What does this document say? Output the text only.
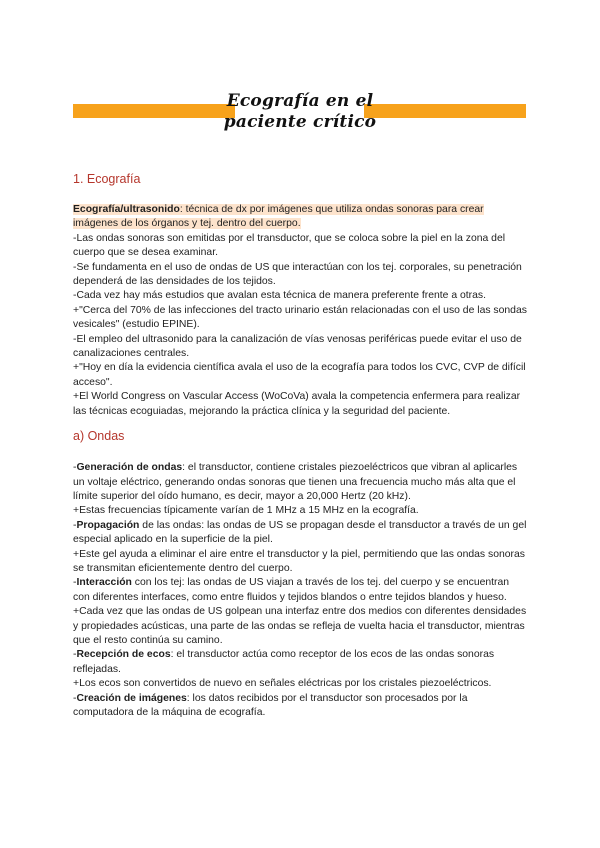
Ecografía en el
paciente crítico
1. Ecografía

Ecografía/ultrasonido: técnica de dx por imágenes que utiliza ondas sonoras para crear imágenes de los órganos y tej. dentro del cuerpo.

-Las ondas sonoras son emitidas por el transductor, que se coloca sobre la piel en la zona del cuerpo que se desea examinar.

-Se fundamenta en el uso de ondas de US que interactúan con los tej. corporales, su penetración dependerá de las densidades de los tejidos.

-Cada vez hay más estudios que avalan esta técnica de manera preferente frente a otras.

+"Cerca del 70% de las infecciones del tracto urinario están relacionadas con el uso de las sondas vesicales" (estudio EPINE).

-El empleo del ultrasonido para la canalización de vías venosas periféricas puede evitar el uso de canalizaciones centrales.

+"Hoy en día la evidencia científica avala el uso de la ecografía para todos los CVC, CVP de difícil acceso".

+El World Congress on Vascular Access (WoCoVa) avala la competencia enfermera para realizar las técnicas ecoguiadas, mejorando la práctica clínica y la seguridad del paciente.

a) Ondas

-Generación de ondas: el transductor, contiene cristales piezoeléctricos que vibran al aplicarles un voltaje eléctrico, generando ondas sonoras que tienen una frecuencia mucho más alta que el límite superior del oído humano, es decir, mayor a 20,000 Hertz (20 kHz).

+Estas frecuencias típicamente varían de 1 MHz a 15 MHz en la ecografía.

-Propagación de las ondas: las ondas de US se propagan desde el transductor a través de un gel especial aplicado en la superficie de la piel.

+Este gel ayuda a eliminar el aire entre el transductor y la piel, permitiendo que las ondas sonoras se transmitan eficientemente dentro del cuerpo.

-Interacción con los tej: las ondas de US viajan a través de los tej. del cuerpo y se encuentran con diferentes interfaces, como entre fluidos y tejidos blandos o entre tejidos blandos y hueso.

+Cada vez que las ondas de US golpean una interfaz entre dos medios con diferentes densidades y propiedades acústicas, una parte de las ondas se refleja de vuelta hacia el transductor, mientras que el resto continúa su camino.

-Recepción de ecos: el transductor actúa como receptor de los ecos de las ondas sonoras reflejadas.

+Los ecos son convertidos de nuevo en señales eléctricas por los cristales piezoeléctricos.

-Creación de imágenes: los datos recibidos por el transductor son procesados por la computadora de la máquina de ecografía.
